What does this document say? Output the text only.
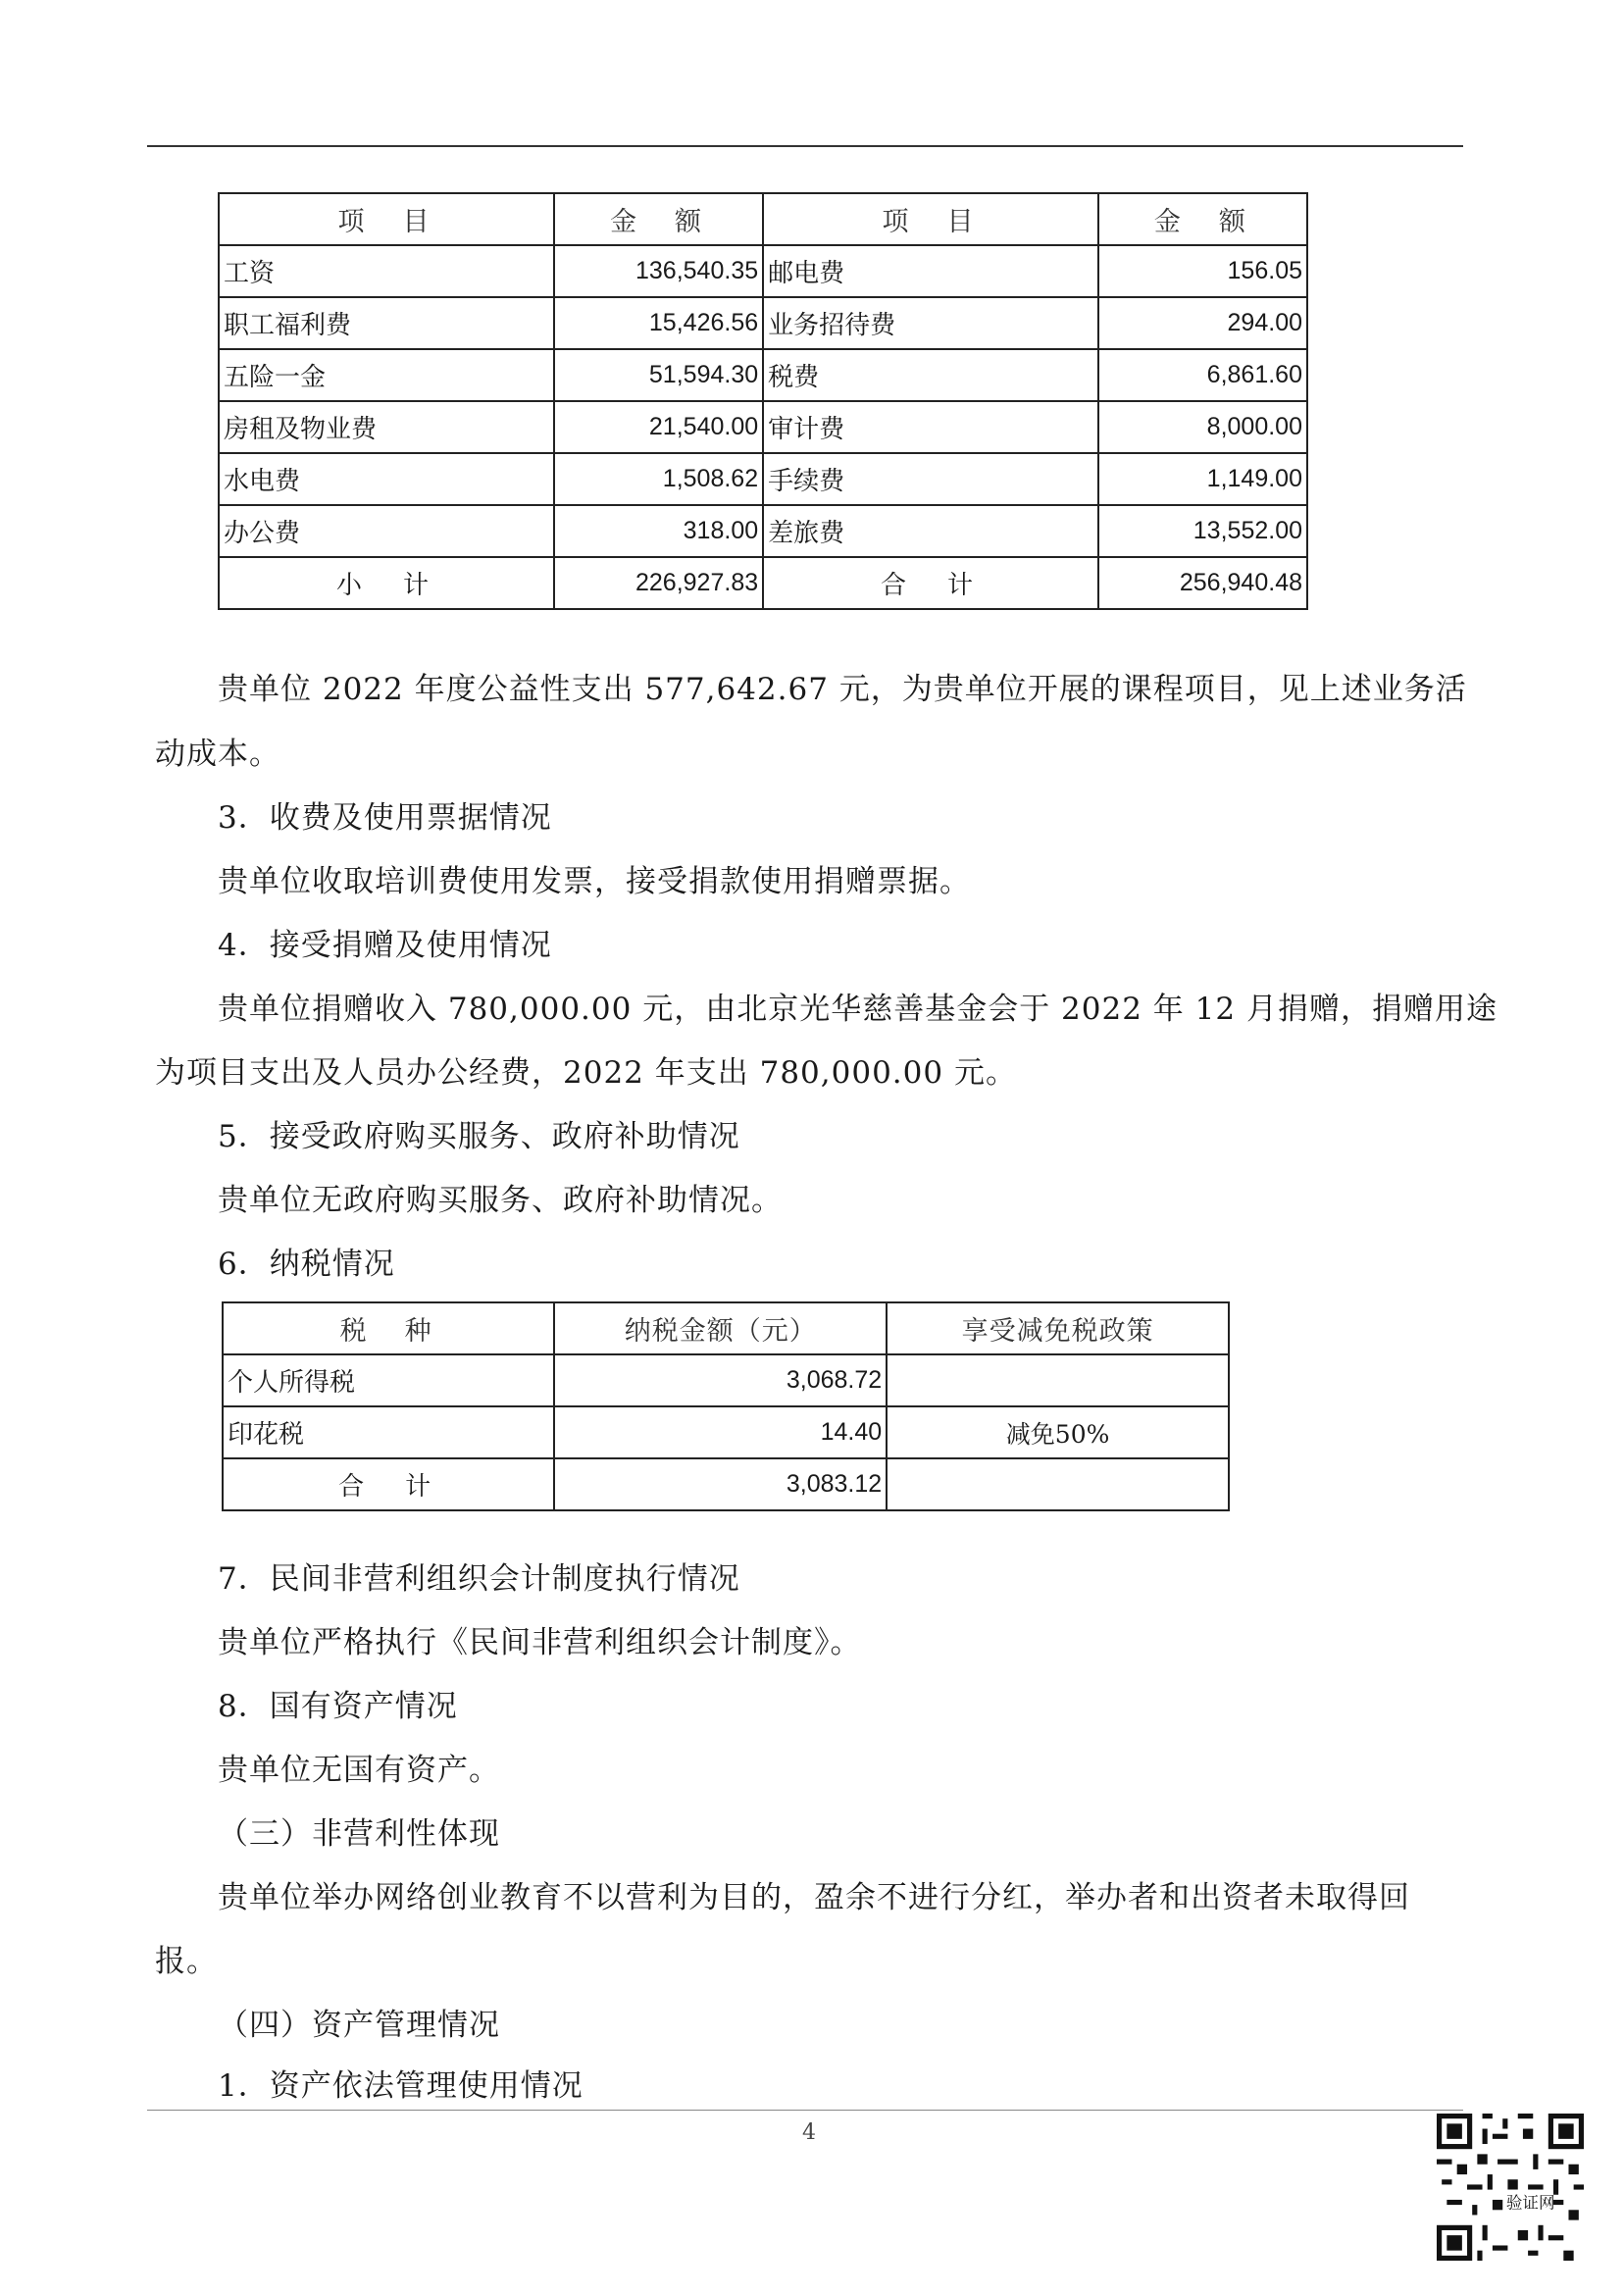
项　目	金　额	项　目	金　额
工资	136,540.35	邮电费	156.05
职工福利费	15,426.56	业务招待费	294.00
五险一金	51,594.30	税费	6,861.60
房租及物业费	21,540.00	审计费	8,000.00
水电费	1,508.62	手续费	1,149.00
办公费	318.00	差旅费	13,552.00
小　计	226,927.83	合　计	256,940.48
贵单位 2022 年度公益性支出 577,642.67 元，为贵单位开展的课程项目，见上述业务活
动成本。
3．收费及使用票据情况
贵单位收取培训费使用发票，接受捐款使用捐赠票据。
4．接受捐赠及使用情况
贵单位捐赠收入 780,000.00 元，由北京光华慈善基金会于 2022 年 12 月捐赠，捐赠用途
为项目支出及人员办公经费，2022 年支出 780,000.00 元。
5．接受政府购买服务、政府补助情况
贵单位无政府购买服务、政府补助情况。
6．纳税情况
税　种	纳税金额（元）	享受减免税政策
个人所得税	3,068.72	
印花税	14.40	减免50%
合　计	3,083.12	
7．民间非营利组织会计制度执行情况
贵单位严格执行《民间非营利组织会计制度》。
8．国有资产情况
贵单位无国有资产。
（三）非营利性体现
贵单位举办网络创业教育不以营利为目的，盈余不进行分红，举办者和出资者未取得回
报。
（四）资产管理情况
1．资产依法管理使用情况
4
验证网
